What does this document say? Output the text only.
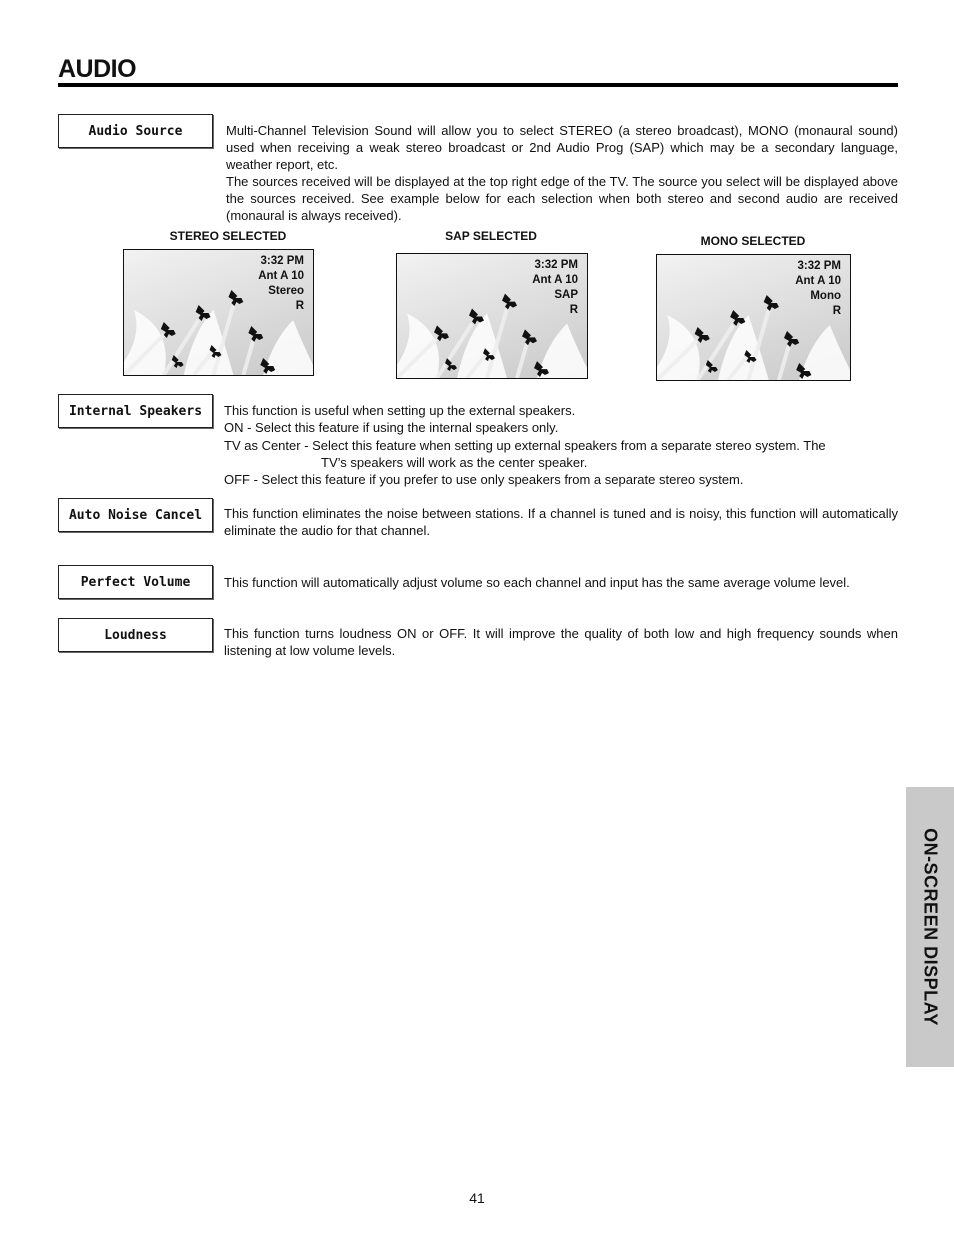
AUDIO
Audio Source	Multi-Channel Television Sound will allow you to select STEREO (a stereo broadcast), MONO (monaural sound) used when receiving a weak stereo broadcast or 2nd Audio Prog (SAP) which may be a secondary language, weather report, etc.

The sources received will be displayed at the top right edge of the TV. The source you select will be displayed above the sources received. See example below for each selection when both stereo and second audio are received (monaural is always received).

STEREO SELECTED
3:32 PM
Ant A 10
Stereo
R
SAP SELECTED
3:32 PM
Ant A 10
SAP
R
MONO SELECTED
3:32 PM
Ant A 10
Mono
R
Internal Speakers	This function is useful when setting up the external speakers.

ON - Select this feature if using the internal speakers only.

TV as Center - Select this feature when setting up external speakers from a separate stereo system. The

TV’s speakers will work as the center speaker.

OFF - Select this feature if you prefer to use only speakers from a separate stereo system.

Auto Noise Cancel	This function eliminates the noise between stations. If a channel is tuned and is noisy, this function will automatically eliminate the audio for that channel.

Perfect Volume	This function will automatically adjust volume so each channel and input has the same average volume level.

Loudness	This function turns loudness ON or OFF. It will improve the quality of both low and high frequency sounds when listening at low volume levels.

ON-SCREEN DISPLAY
41
